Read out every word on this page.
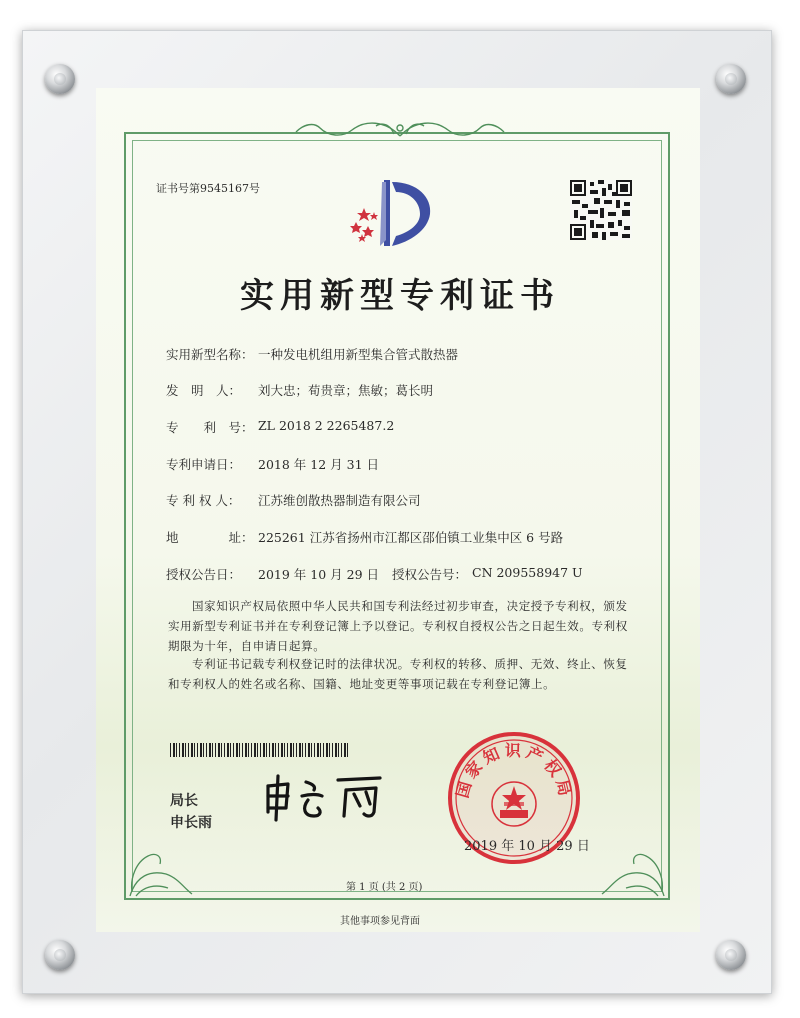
证书号第9545167号
实用新型专利证书
实用新型名称： 一种发电机组用新型集合管式散热器
发　明　人： 刘大忠；荀贵章；焦敏；葛长明
专　　利　号： ZL 2018 2 2265487.2
专利申请日： 2018 年 12 月 31 日
专 利 权 人： 江苏维创散热器制造有限公司
地　　　　址： 225261 江苏省扬州市江都区邵伯镇工业集中区 6 号路
授权公告日： 2019 年 10 月 29 日 授权公告号： CN 209558947 U
国家知识产权局依照中华人民共和国专利法经过初步审查，决定授予专利权，颁发实用新型专利证书并在专利登记簿上予以登记。专利权自授权公告之日起生效。专利权期限为十年，自申请日起算。
专利证书记载专利权登记时的法律状况。专利权的转移、质押、无效、终止、恢复和专利权人的姓名或名称、国籍、地址变更等事项记载在专利登记簿上。
局长
申长雨
国家知识产权局
2019 年 10 月 29 日
第 1 页 (共 2 页)
其他事项参见背面
